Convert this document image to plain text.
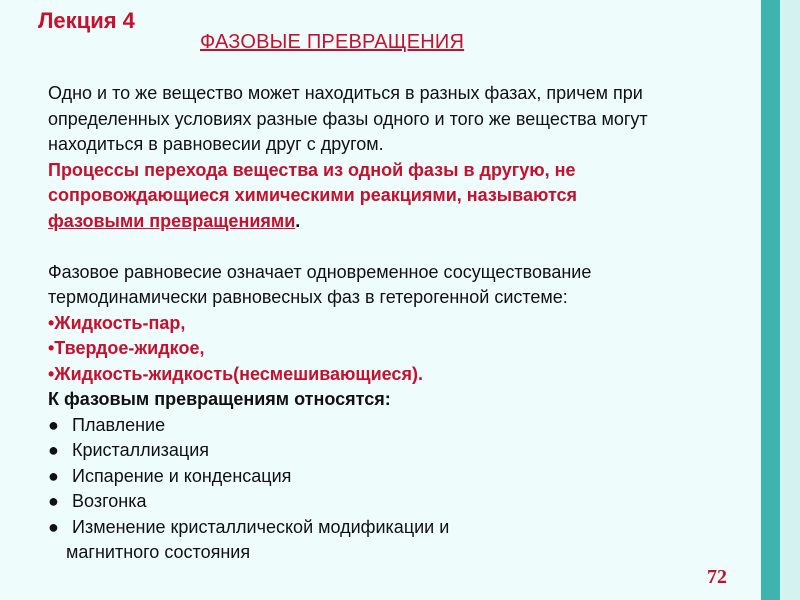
Лекция 4
ФАЗОВЫЕ ПРЕВРАЩЕНИЯ
Одно и то же вещество может находиться в разных фазах, причем при
определенных условиях разные фазы одного и того же вещества могут
находиться в равновесии друг с другом.
Процессы перехода вещества из одной фазы в другую, не
сопровождающиеся химическими реакциями, называются
фазовыми превращениями.
Фазовое равновесие означает одновременное сосуществование
термодинамически равновесных фаз в гетерогенной системе:
•Жидкость-пар,
•Твердое-жидкое,
•Жидкость-жидкость(несмешивающиеся).
К фазовым превращениям относятся:
● Плавление
● Кристаллизация
● Испарение и конденсация
● Возгонка
● Изменение кристаллической модификации и
магнитного состояния
72
